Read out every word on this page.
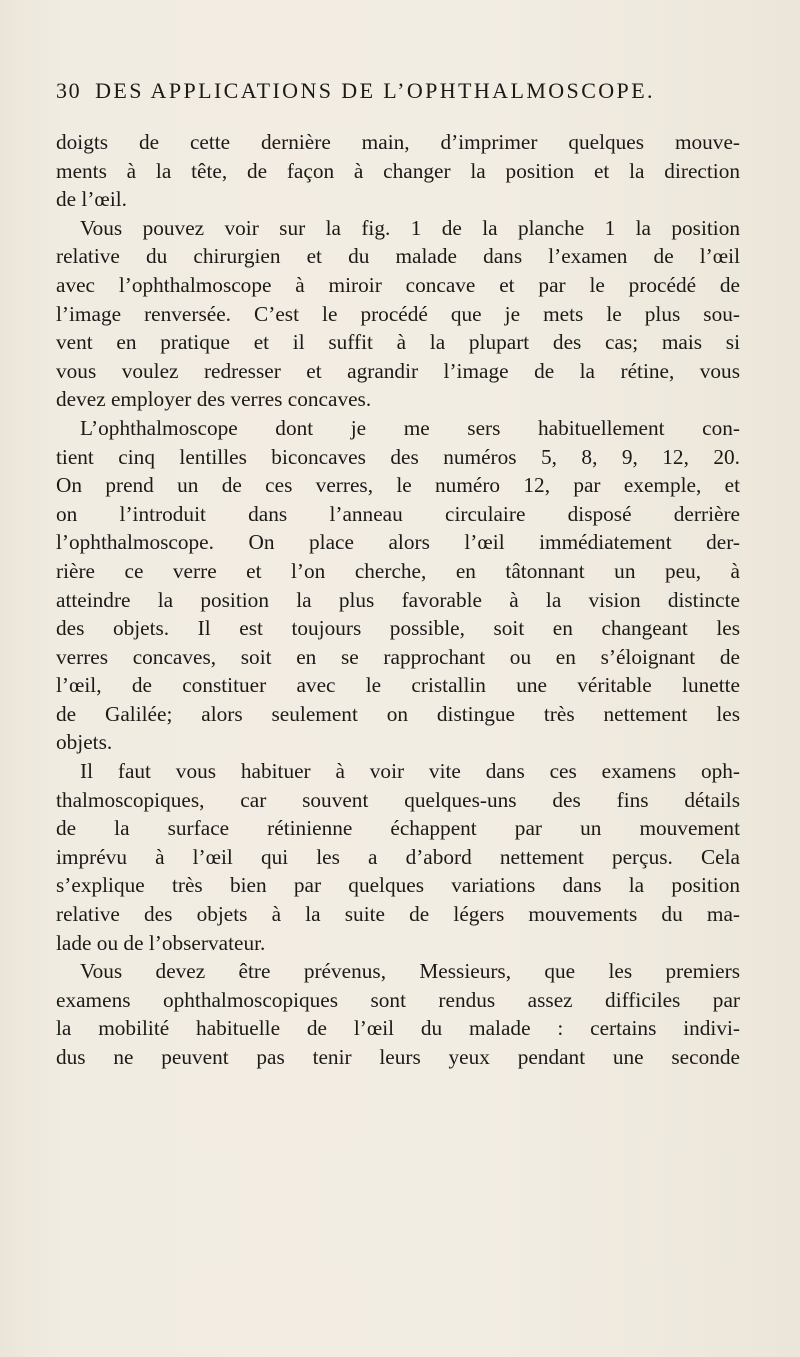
30 DES APPLICATIONS DE L’OPHTHALMOSCOPE.
doigts de cette dernière main, d’imprimer quelques mouve-
ments à la tête, de façon à changer la position et la direction
de l’œil.
Vous pouvez voir sur la fig. 1 de la planche 1 la position
relative du chirurgien et du malade dans l’examen de l’œil
avec l’ophthalmoscope à miroir concave et par le procédé de
l’image renversée. C’est le procédé que je mets le plus sou-
vent en pratique et il suffit à la plupart des cas; mais si
vous voulez redresser et agrandir l’image de la rétine, vous
devez employer des verres concaves.
L’ophthalmoscope dont je me sers habituellement con-
tient cinq lentilles biconcaves des numéros 5, 8, 9, 12, 20.
On prend un de ces verres, le numéro 12, par exemple, et
on l’introduit dans l’anneau circulaire disposé derrière
l’ophthalmoscope. On place alors l’œil immédiatement der-
rière ce verre et l’on cherche, en tâtonnant un peu, à
atteindre la position la plus favorable à la vision distincte
des objets. Il est toujours possible, soit en changeant les
verres concaves, soit en se rapprochant ou en s’éloignant de
l’œil, de constituer avec le cristallin une véritable lunette
de Galilée; alors seulement on distingue très nettement les
objets.
Il faut vous habituer à voir vite dans ces examens oph-
thalmoscopiques, car souvent quelques-uns des fins détails
de la surface rétinienne échappent par un mouvement
imprévu à l’œil qui les a d’abord nettement perçus. Cela
s’explique très bien par quelques variations dans la position
relative des objets à la suite de légers mouvements du ma-
lade ou de l’observateur.
Vous devez être prévenus, Messieurs, que les premiers
examens ophthalmoscopiques sont rendus assez difficiles par
la mobilité habituelle de l’œil du malade : certains indivi-
dus ne peuvent pas tenir leurs yeux pendant une seconde
